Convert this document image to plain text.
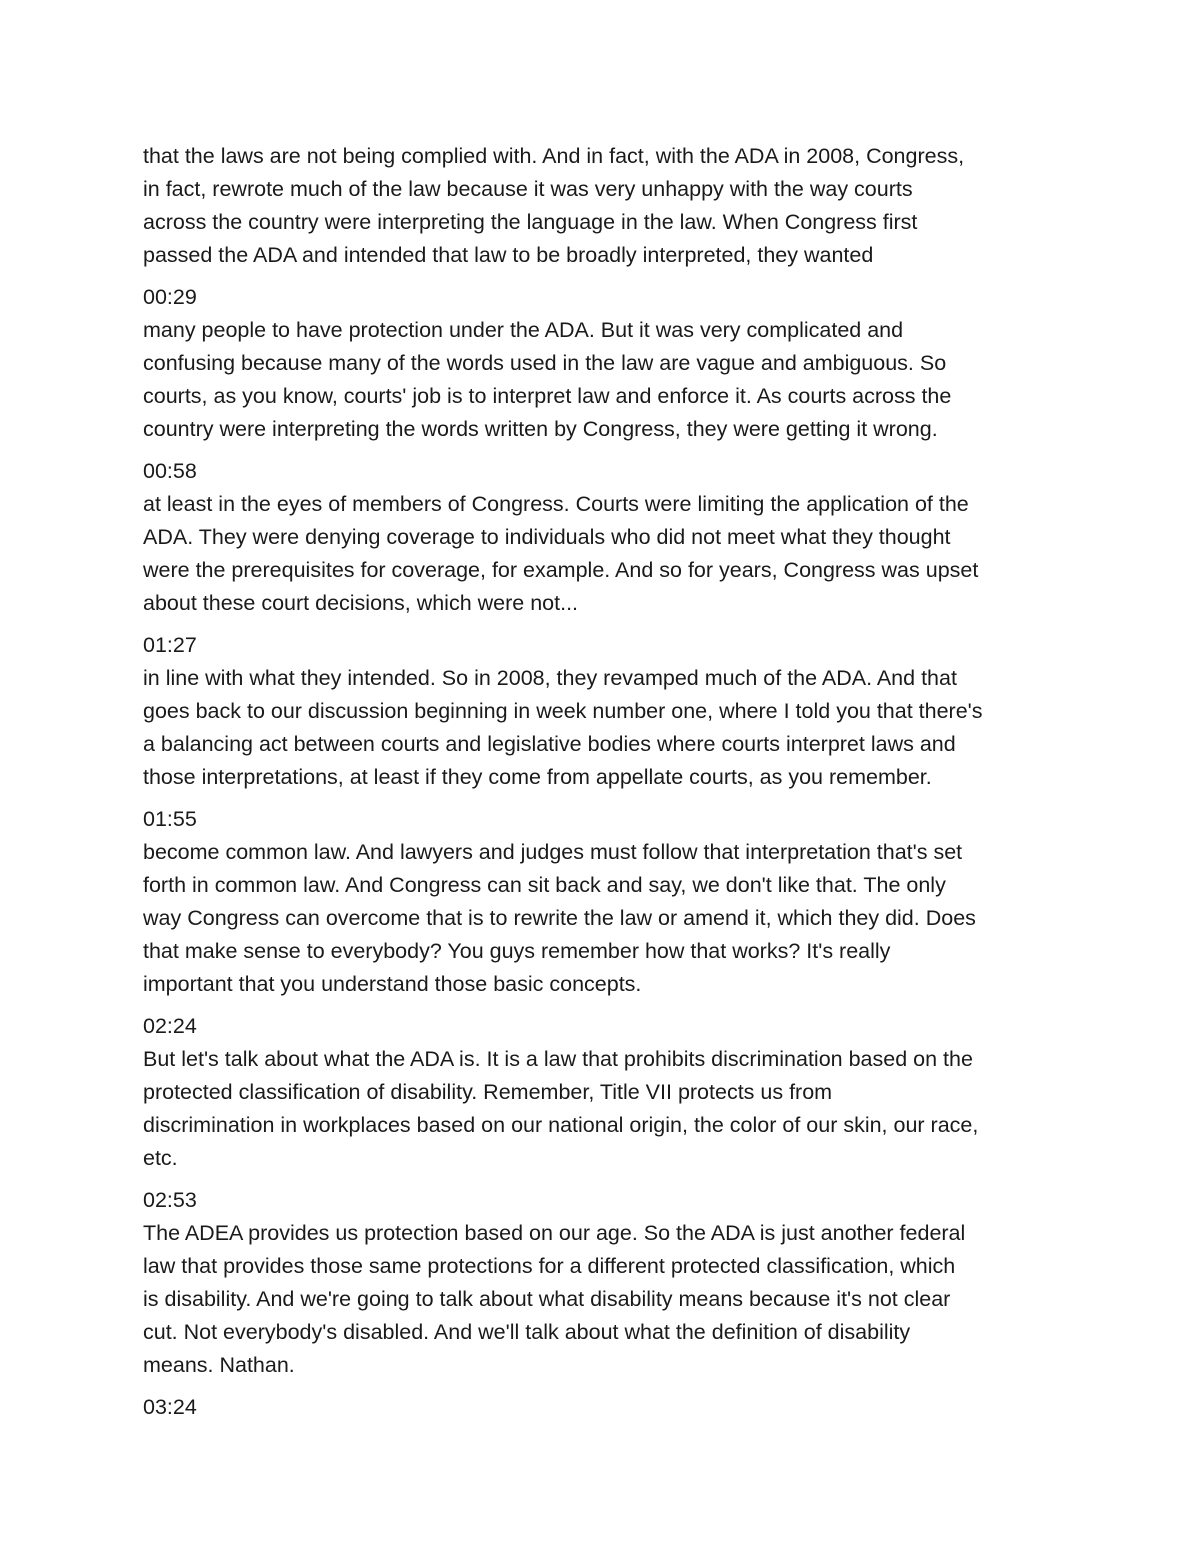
that the laws are not being complied with. And in fact, with the ADA in 2008, Congress,
in fact, rewrote much of the law because it was very unhappy with the way courts
across the country were interpreting the language in the law. When Congress first
passed the ADA and intended that law to be broadly interpreted, they wanted
00:29
many people to have protection under the ADA. But it was very complicated and
confusing because many of the words used in the law are vague and ambiguous. So
courts, as you know, courts' job is to interpret law and enforce it. As courts across the
country were interpreting the words written by Congress, they were getting it wrong.
00:58
at least in the eyes of members of Congress. Courts were limiting the application of the
ADA. They were denying coverage to individuals who did not meet what they thought
were the prerequisites for coverage, for example. And so for years, Congress was upset
about these court decisions, which were not...
01:27
in line with what they intended. So in 2008, they revamped much of the ADA. And that
goes back to our discussion beginning in week number one, where I told you that there's
a balancing act between courts and legislative bodies where courts interpret laws and
those interpretations, at least if they come from appellate courts, as you remember.
01:55
become common law. And lawyers and judges must follow that interpretation that's set
forth in common law. And Congress can sit back and say, we don't like that. The only
way Congress can overcome that is to rewrite the law or amend it, which they did. Does
that make sense to everybody? You guys remember how that works? It's really
important that you understand those basic concepts.
02:24
But let's talk about what the ADA is. It is a law that prohibits discrimination based on the
protected classification of disability. Remember, Title VII protects us from
discrimination in workplaces based on our national origin, the color of our skin, our race,
etc.
02:53
The ADEA provides us protection based on our age. So the ADA is just another federal
law that provides those same protections for a different protected classification, which
is disability. And we're going to talk about what disability means because it's not clear
cut. Not everybody's disabled. And we'll talk about what the definition of disability
means. Nathan.
03:24
